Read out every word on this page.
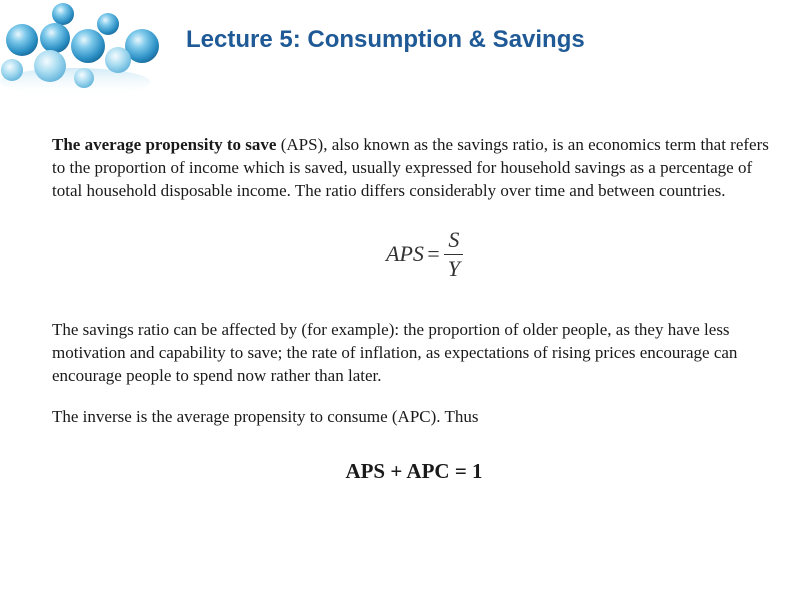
Lecture 5: Consumption & Savings

The average propensity to save (APS), also known as the savings ratio, is an economics term that refers to the proportion of income which is saved, usually expressed for household savings as a percentage of total household disposable income. The ratio differs considerably over time and between countries.

APS = $\frac{S}{Y}$

The savings ratio can be affected by (for example): the proportion of older people, as they have less motivation and capability to save; the rate of inflation, as expectations of rising prices encourage can encourage people to spend now rather than later.

The inverse is the average propensity to consume (APC). Thus

APS + APC = 1
